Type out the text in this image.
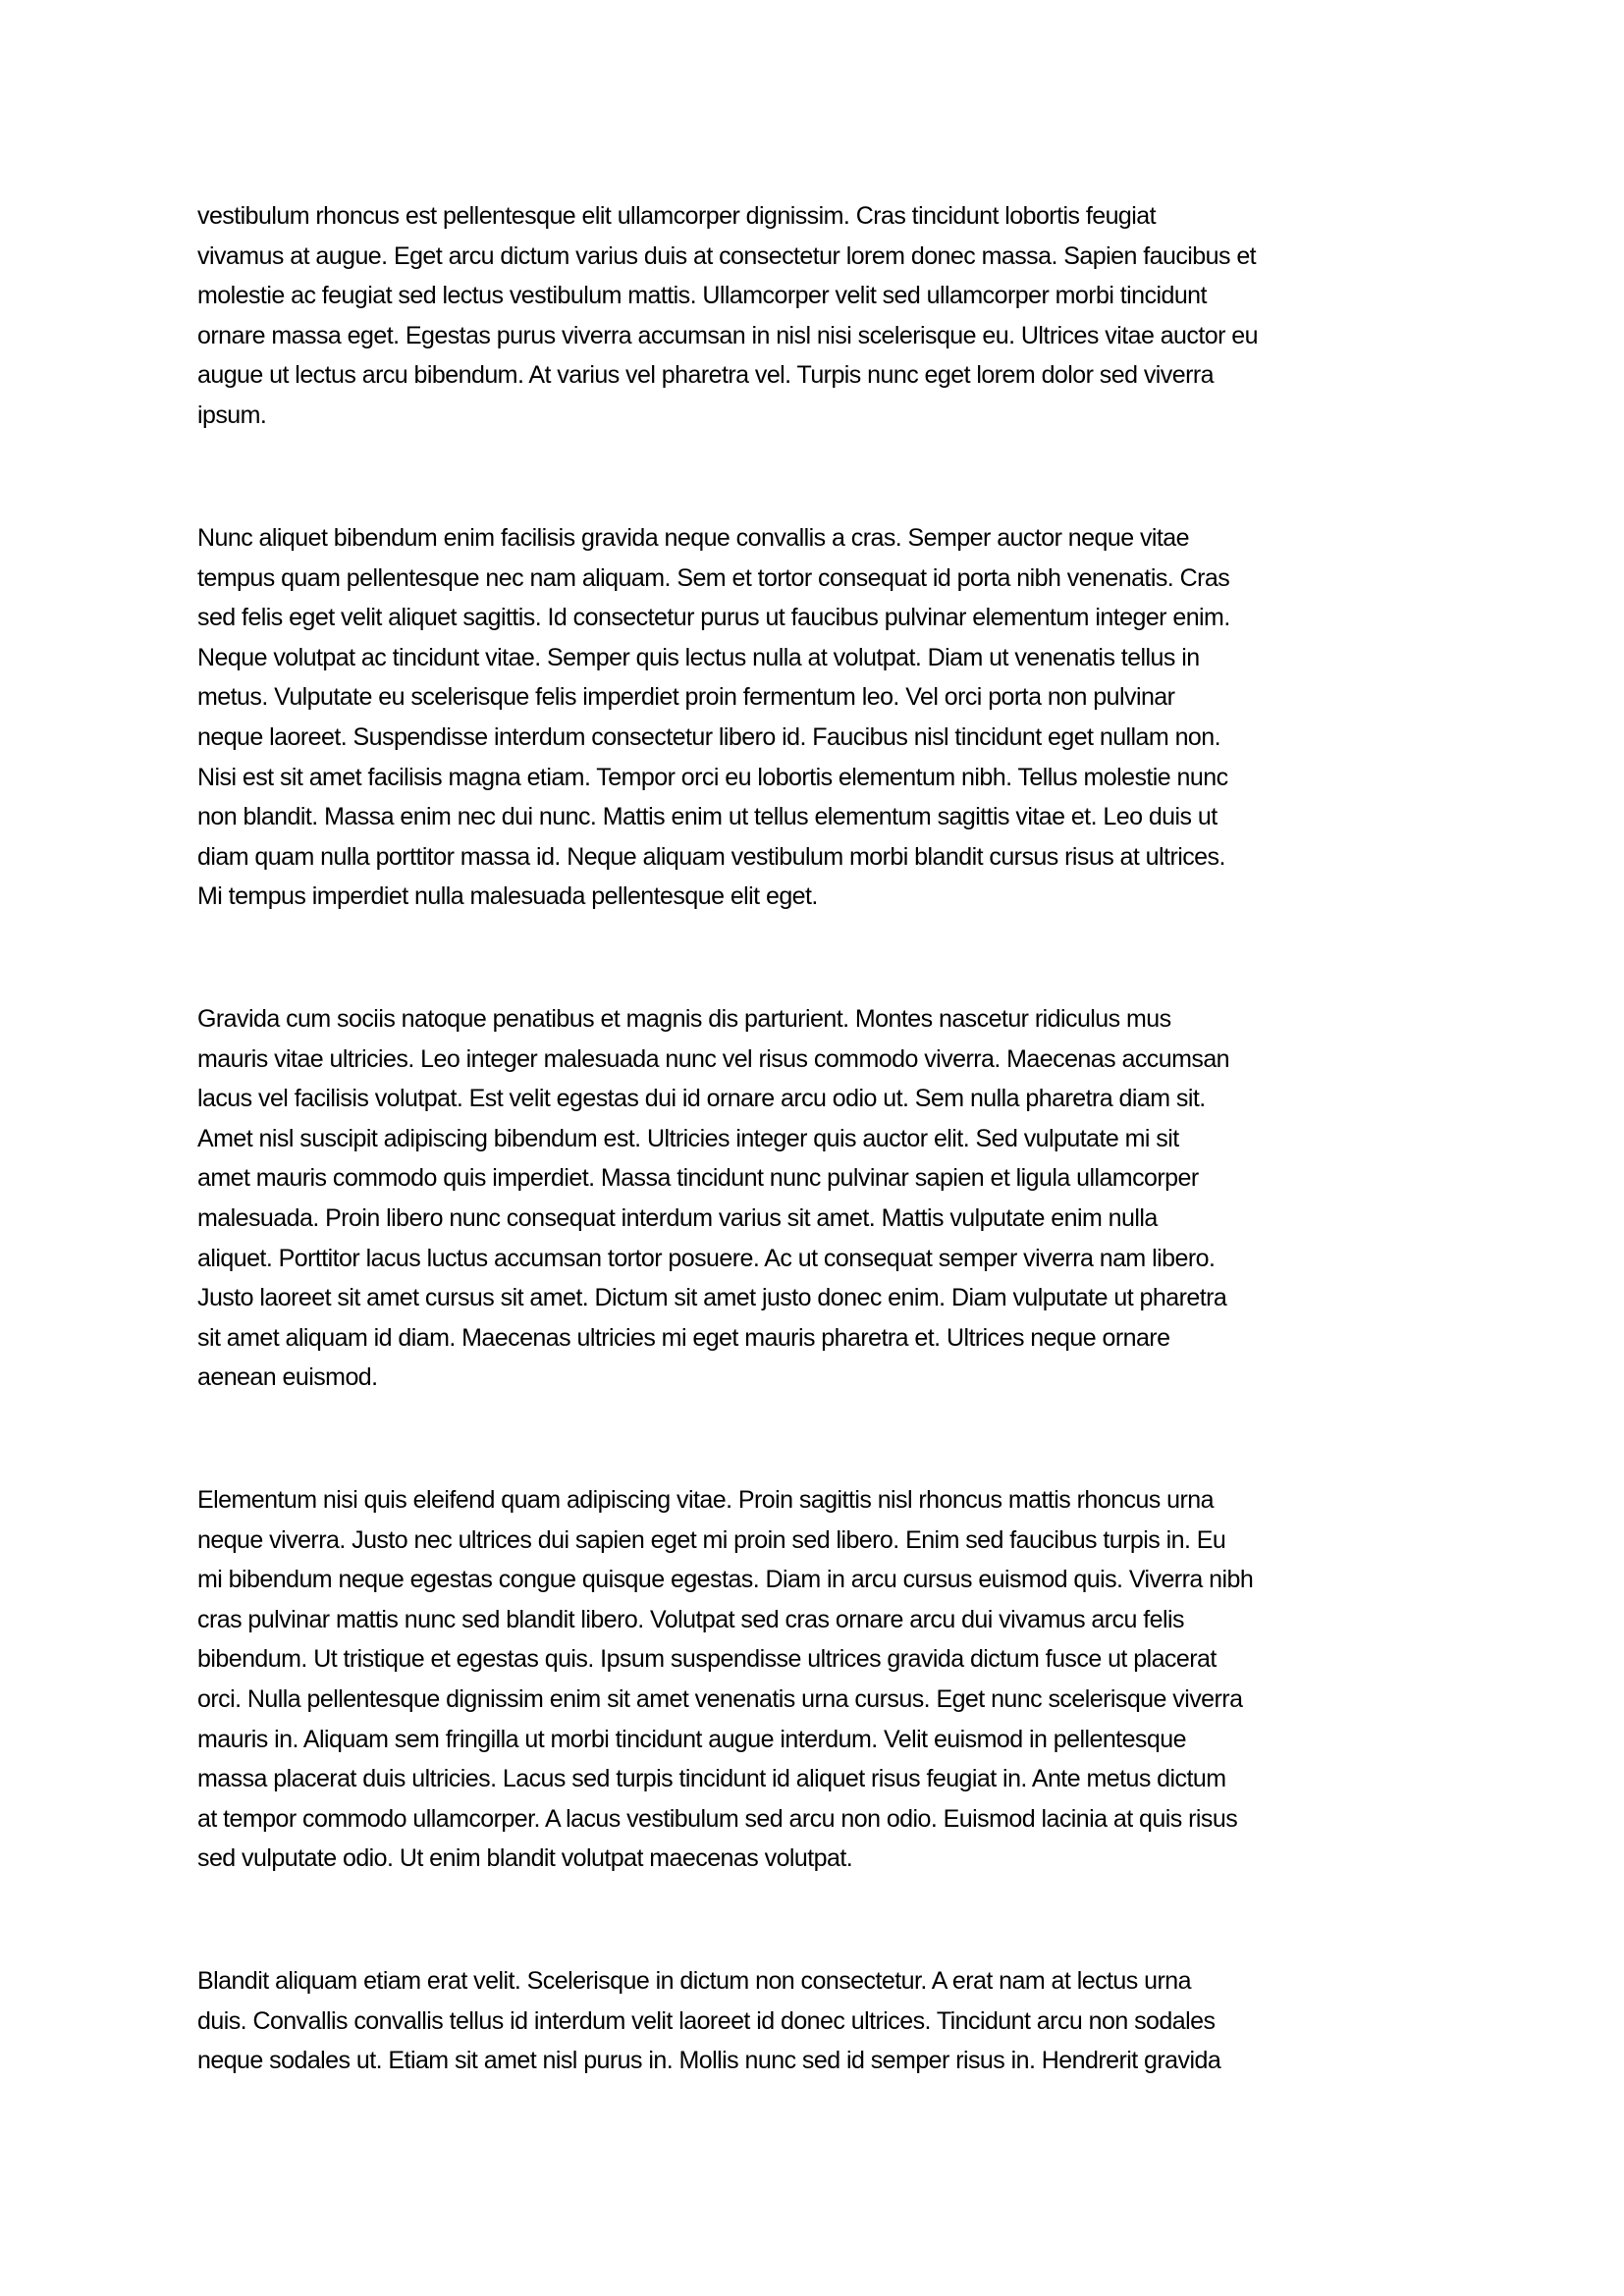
vestibulum rhoncus est pellentesque elit ullamcorper dignissim. Cras tincidunt lobortis feugiat
vivamus at augue. Eget arcu dictum varius duis at consectetur lorem donec massa. Sapien faucibus et
molestie ac feugiat sed lectus vestibulum mattis. Ullamcorper velit sed ullamcorper morbi tincidunt
ornare massa eget. Egestas purus viverra accumsan in nisl nisi scelerisque eu. Ultrices vitae auctor eu
augue ut lectus arcu bibendum. At varius vel pharetra vel. Turpis nunc eget lorem dolor sed viverra
ipsum.
Nunc aliquet bibendum enim facilisis gravida neque convallis a cras. Semper auctor neque vitae
tempus quam pellentesque nec nam aliquam. Sem et tortor consequat id porta nibh venenatis. Cras
sed felis eget velit aliquet sagittis. Id consectetur purus ut faucibus pulvinar elementum integer enim.
Neque volutpat ac tincidunt vitae. Semper quis lectus nulla at volutpat. Diam ut venenatis tellus in
metus. Vulputate eu scelerisque felis imperdiet proin fermentum leo. Vel orci porta non pulvinar
neque laoreet. Suspendisse interdum consectetur libero id. Faucibus nisl tincidunt eget nullam non.
Nisi est sit amet facilisis magna etiam. Tempor orci eu lobortis elementum nibh. Tellus molestie nunc
non blandit. Massa enim nec dui nunc. Mattis enim ut tellus elementum sagittis vitae et. Leo duis ut
diam quam nulla porttitor massa id. Neque aliquam vestibulum morbi blandit cursus risus at ultrices.
Mi tempus imperdiet nulla malesuada pellentesque elit eget.
Gravida cum sociis natoque penatibus et magnis dis parturient. Montes nascetur ridiculus mus
mauris vitae ultricies. Leo integer malesuada nunc vel risus commodo viverra. Maecenas accumsan
lacus vel facilisis volutpat. Est velit egestas dui id ornare arcu odio ut. Sem nulla pharetra diam sit.
Amet nisl suscipit adipiscing bibendum est. Ultricies integer quis auctor elit. Sed vulputate mi sit
amet mauris commodo quis imperdiet. Massa tincidunt nunc pulvinar sapien et ligula ullamcorper
malesuada. Proin libero nunc consequat interdum varius sit amet. Mattis vulputate enim nulla
aliquet. Porttitor lacus luctus accumsan tortor posuere. Ac ut consequat semper viverra nam libero.
Justo laoreet sit amet cursus sit amet. Dictum sit amet justo donec enim. Diam vulputate ut pharetra
sit amet aliquam id diam. Maecenas ultricies mi eget mauris pharetra et. Ultrices neque ornare
aenean euismod.
Elementum nisi quis eleifend quam adipiscing vitae. Proin sagittis nisl rhoncus mattis rhoncus urna
neque viverra. Justo nec ultrices dui sapien eget mi proin sed libero. Enim sed faucibus turpis in. Eu
mi bibendum neque egestas congue quisque egestas. Diam in arcu cursus euismod quis. Viverra nibh
cras pulvinar mattis nunc sed blandit libero. Volutpat sed cras ornare arcu dui vivamus arcu felis
bibendum. Ut tristique et egestas quis. Ipsum suspendisse ultrices gravida dictum fusce ut placerat
orci. Nulla pellentesque dignissim enim sit amet venenatis urna cursus. Eget nunc scelerisque viverra
mauris in. Aliquam sem fringilla ut morbi tincidunt augue interdum. Velit euismod in pellentesque
massa placerat duis ultricies. Lacus sed turpis tincidunt id aliquet risus feugiat in. Ante metus dictum
at tempor commodo ullamcorper. A lacus vestibulum sed arcu non odio. Euismod lacinia at quis risus
sed vulputate odio. Ut enim blandit volutpat maecenas volutpat.
Blandit aliquam etiam erat velit. Scelerisque in dictum non consectetur. A erat nam at lectus urna
duis. Convallis convallis tellus id interdum velit laoreet id donec ultrices. Tincidunt arcu non sodales
neque sodales ut. Etiam sit amet nisl purus in. Mollis nunc sed id semper risus in. Hendrerit gravida
